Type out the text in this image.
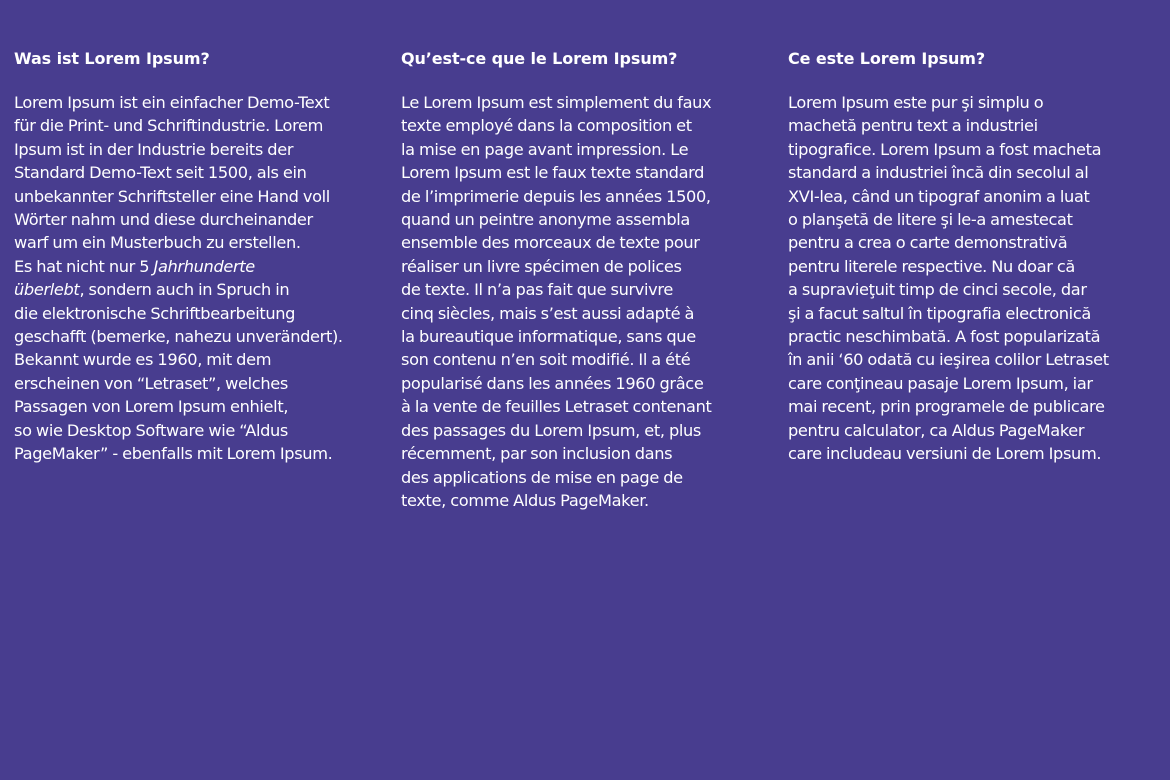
Was ist Lorem Ipsum?

Lorem Ipsum ist ein einfacher Demo-Text
für die Print- und Schriftindustrie. Lorem
Ipsum ist in der Industrie bereits der
Standard Demo-Text seit 1500, als ein
unbekannter Schriftsteller eine Hand voll
Wörter nahm und diese durcheinander
warf um ein Musterbuch zu erstellen.
Es hat nicht nur 5 Jahrhunderte
überlebt, sondern auch in Spruch in
die elektronische Schriftbearbeitung
geschafft (bemerke, nahezu unverändert).
Bekannt wurde es 1960, mit dem
erscheinen von “Letraset”, welches
Passagen von Lorem Ipsum enhielt,
so wie Desktop Software wie “Aldus
PageMaker” - ebenfalls mit Lorem Ipsum.

Qu’est-ce que le Lorem Ipsum?

Le Lorem Ipsum est simplement du faux
texte employé dans la composition et
la mise en page avant impression. Le
Lorem Ipsum est le faux texte standard
de l’imprimerie depuis les années 1500,
quand un peintre anonyme assembla
ensemble des morceaux de texte pour
réaliser un livre spécimen de polices
de texte. Il n’a pas fait que survivre
cinq siècles, mais s’est aussi adapté à
la bureautique informatique, sans que
son contenu n’en soit modifié. Il a été
popularisé dans les années 1960 grâce
à la vente de feuilles Letraset contenant
des passages du Lorem Ipsum, et, plus
récemment, par son inclusion dans
des applications de mise en page de
texte, comme Aldus PageMaker.

Ce este Lorem Ipsum?

Lorem Ipsum este pur şi simplu o
machetă pentru text a industriei
tipografice. Lorem Ipsum a fost macheta
standard a industriei încă din secolul al
XVI-lea, când un tipograf anonim a luat
o planşetă de litere şi le-a amestecat
pentru a crea o carte demonstrativă
pentru literele respective. Nu doar că
a supravieţuit timp de cinci secole, dar
şi a facut saltul în tipografia electronică
practic neschimbată. A fost popularizată
în anii ‘60 odată cu ieşirea colilor Letraset
care conţineau pasaje Lorem Ipsum, iar
mai recent, prin programele de publicare
pentru calculator, ca Aldus PageMaker
care includeau versiuni de Lorem Ipsum.
